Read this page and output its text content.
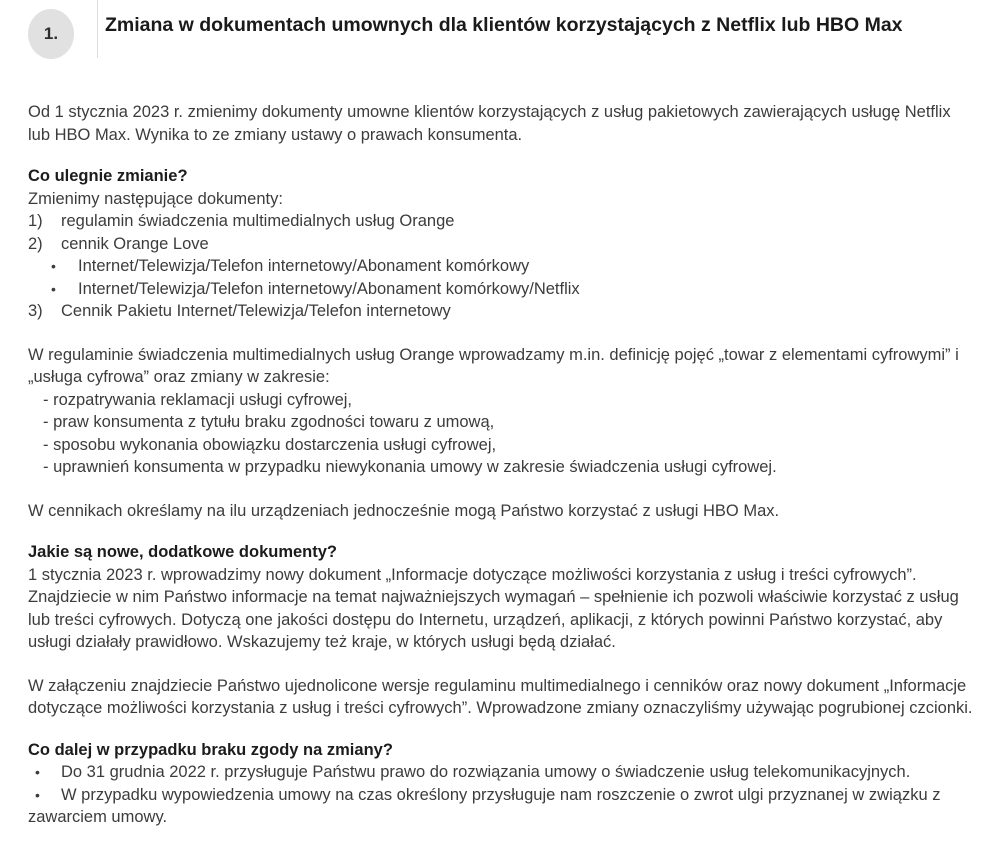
1. Zmiana w dokumentach umownych dla klientów korzystających z Netflix lub HBO Max

Od 1 stycznia 2023 r. zmienimy dokumenty umowne klientów korzystających z usług pakietowych zawierających usługę Netflix lub HBO Max. Wynika to ze zmiany ustawy o prawach konsumenta.

Co ulegnie zmianie?

Zmienimy następujące dokumenty:

1)	regulamin świadczenia multimedialnych usług Orange
2)	cennik Orange Love
•	Internet/Telewizja/Telefon internetowy/Abonament komórkowy
•	Internet/Telewizja/Telefon internetowy/Abonament komórkowy/Netflix
3)	Cennik Pakietu Internet/Telewizja/Telefon internetowy

W regulaminie świadczenia multimedialnych usług Orange wprowadzamy m.in. definicję pojęć „towar z elementami cyfrowymi” i „usługa cyfrowa” oraz zmiany w zakresie:

- rozpatrywania reklamacji usługi cyfrowej,
- praw konsumenta z tytułu braku zgodności towaru z umową,
- sposobu wykonania obowiązku dostarczenia usługi cyfrowej,
- uprawnień konsumenta w przypadku niewykonania umowy w zakresie świadczenia usługi cyfrowej.

W cennikach określamy na ilu urządzeniach jednocześnie mogą Państwo korzystać z usługi HBO Max.

Jakie są nowe, dodatkowe dokumenty?

1 stycznia 2023 r. wprowadzimy nowy dokument „Informacje dotyczące możliwości korzystania z usług i treści cyfrowych”. Znajdziecie w nim Państwo informacje na temat najważniejszych wymagań – spełnienie ich pozwoli właściwie korzystać z usług lub treści cyfrowych. Dotyczą one jakości dostępu do Internetu, urządzeń, aplikacji, z których powinni Państwo korzystać, aby usługi działały prawidłowo. Wskazujemy też kraje, w których usługi będą działać.

W załączeniu znajdziecie Państwo ujednolicone wersje regulaminu multimedialnego i cenników oraz nowy dokument „Informacje dotyczące możliwości korzystania z usług i treści cyfrowych”. Wprowadzone zmiany oznaczyliśmy używając pogrubionej czcionki.

Co dalej w przypadku braku zgody na zmiany?

• Do 31 grudnia 2022 r. przysługuje Państwu prawo do rozwiązania umowy o świadczenie usług telekomunikacyjnych.

• W przypadku wypowiedzenia umowy na czas określony przysługuje nam roszczenie o zwrot ulgi przyznanej w związku z zawarciem umowy.
